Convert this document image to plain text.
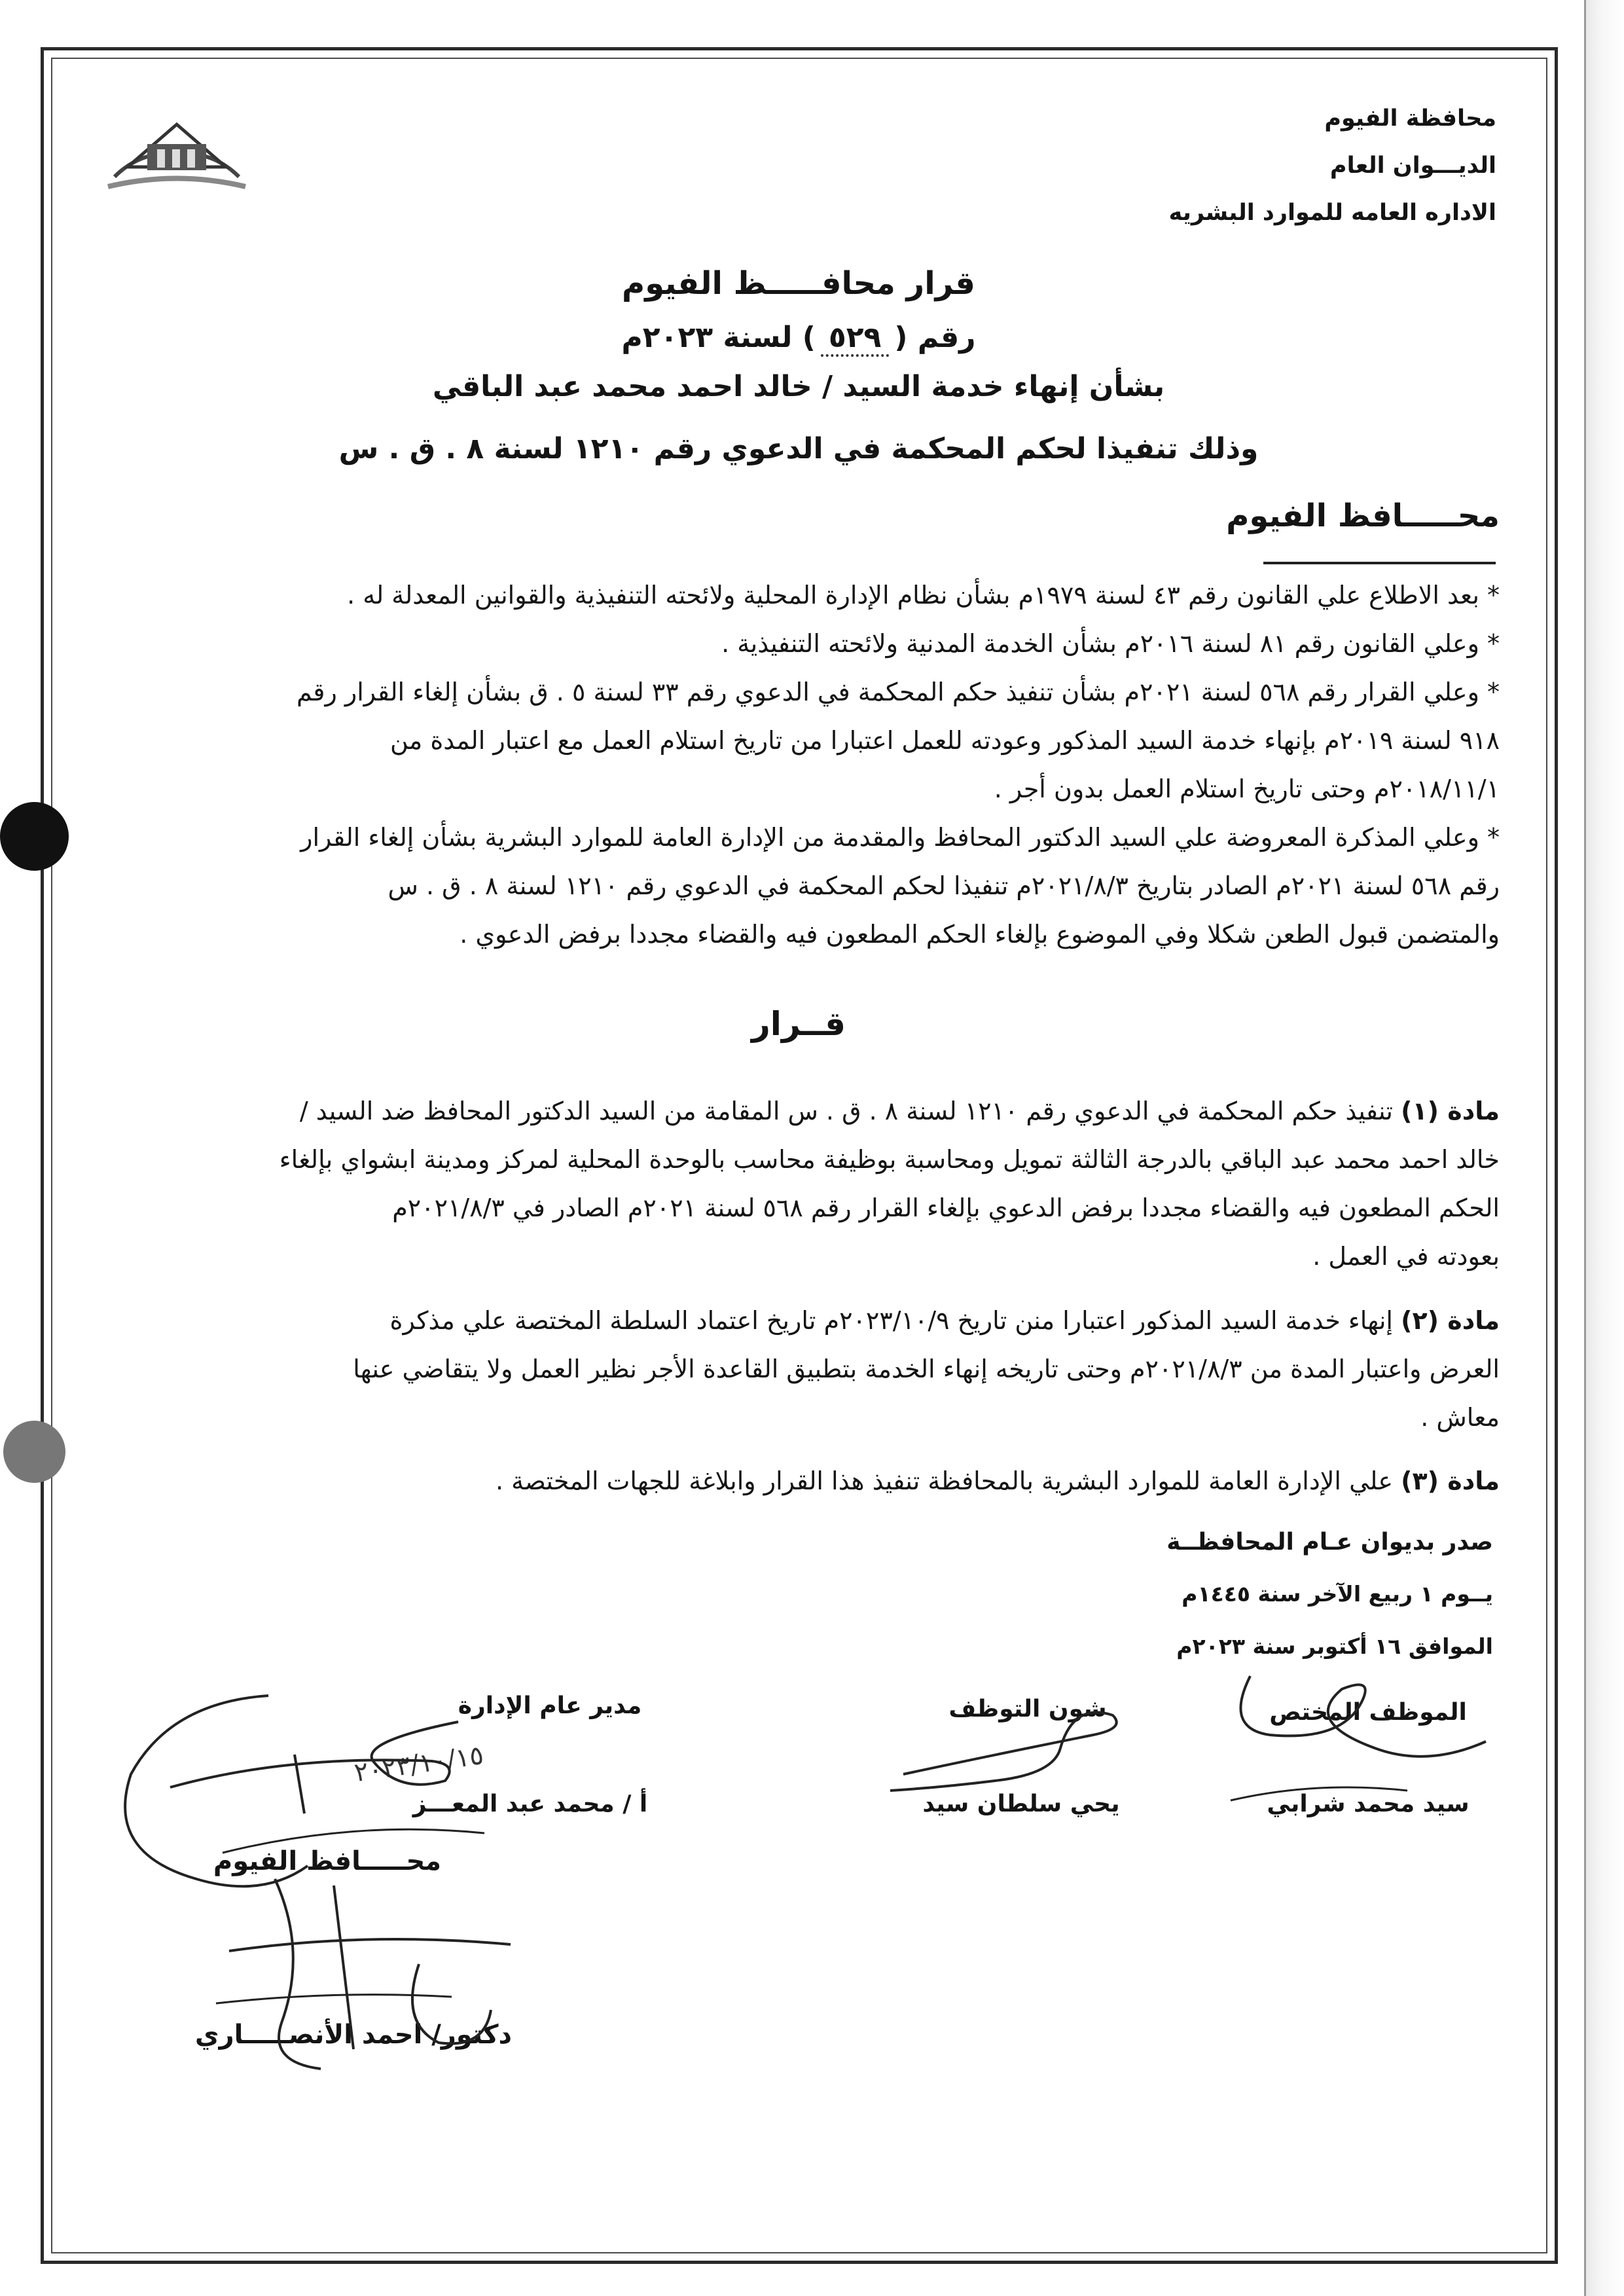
محافظة الفيوم
الديـــوان العام
الاداره العامه للموارد البشريه
قرار محافـــــظ الفيوم
رقم (٥٢٩) لسنة ٢٠٢٣م
بشأن إنهاء خدمة السيد / خالد احمد محمد عبد الباقي
وذلك تنفيذا لحكم المحكمة في الدعوي رقم ١٢١٠ لسنة ٨ . ق . س
محـــــافظ الفيوم
* بعد الاطلاع علي القانون رقم ٤٣ لسنة ١٩٧٩م بشأن نظام الإدارة المحلية ولائحته التنفيذية والقوانين المعدلة له .
* وعلي القانون رقم ٨١ لسنة ٢٠١٦م بشأن الخدمة المدنية ولائحته التنفيذية .
* وعلي القرار رقم ٥٦٨ لسنة ٢٠٢١م بشأن تنفيذ حكم المحكمة في الدعوي رقم ٣٣ لسنة ٥ . ق بشأن إلغاء القرار رقم
٩١٨ لسنة ٢٠١٩م بإنهاء خدمة السيد المذكور وعودته للعمل اعتبارا من تاريخ استلام العمل مع اعتبار المدة من
٢٠١٨/١١/١م وحتى تاريخ استلام العمل بدون أجر .
* وعلي المذكرة المعروضة علي السيد الدكتور المحافظ والمقدمة من الإدارة العامة للموارد البشرية بشأن إلغاء القرار
رقم ٥٦٨ لسنة ٢٠٢١م الصادر بتاريخ ٢٠٢١/٨/٣م تنفيذا لحكم المحكمة في الدعوي رقم ١٢١٠ لسنة ٨ . ق . س
والمتضمن قبول الطعن شكلا وفي الموضوع بإلغاء الحكم المطعون فيه والقضاء مجددا برفض الدعوي .
قــرار
مادة (١) تنفيذ حكم المحكمة في الدعوي رقم ١٢١٠ لسنة ٨ . ق . س المقامة من السيد الدكتور المحافظ ضد السيد /
خالد احمد محمد عبد الباقي بالدرجة الثالثة تمويل ومحاسبة بوظيفة محاسب بالوحدة المحلية لمركز ومدينة ابشواي بإلغاء
الحكم المطعون فيه والقضاء مجددا برفض الدعوي بإلغاء القرار رقم ٥٦٨ لسنة ٢٠٢١م الصادر في ٢٠٢١/٨/٣م
بعودته في العمل .
مادة (٢) إنهاء خدمة السيد المذكور اعتبارا منن تاريخ ٢٠٢٣/١٠/٩م تاريخ اعتماد السلطة المختصة علي مذكرة
العرض واعتبار المدة من ٢٠٢١/٨/٣م وحتى تاريخه إنهاء الخدمة بتطبيق القاعدة الأجر نظير العمل ولا يتقاضي عنها
معاش .
مادة (٣) علي الإدارة العامة للموارد البشرية بالمحافظة تنفيذ هذا القرار وابلاغة للجهات المختصة .
صدر بديوان عـام المحافظــة
يــوم ١ ربيع الآخر سنة ١٤٤٥م
الموافق ١٦ أكتوبر سنة ٢٠٢٣م
الموظف المختص
سيد محمد شرابي
شون التوظف
يحي سلطان سيد
مدير عام الإدارة
أ / محمد عبد المعـــز
٢٠٢٣/١٠/١٥
محـــــافظ الفيوم
دكتور/ احمد الأنصـــــاري
